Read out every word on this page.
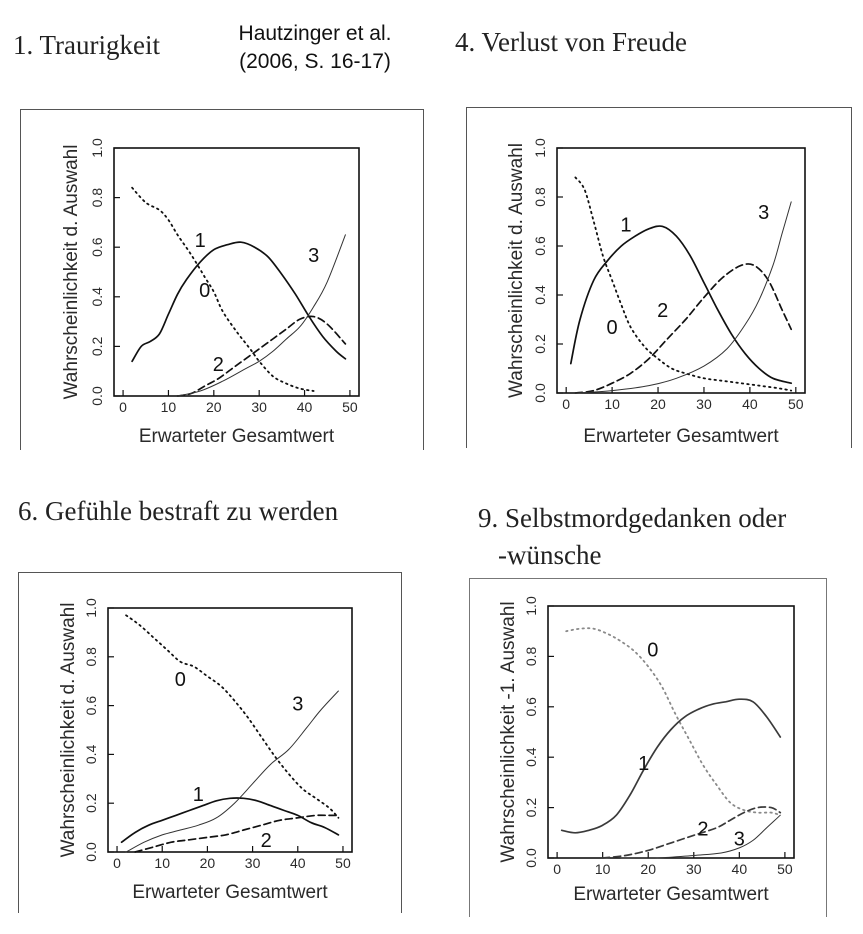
1. Traurigkeit	Hautzinger et al.
(2006, S. 16-17)
4. Verlust von Freude
6. Gefühle bestraft zu werden	9. Selbstmordgedanken oder
-wünsche
0 10 20 30 40 50
0.0
0.2
0.4
0.6
0.8
1.0
Erwarteter Gesamtwert
Wahrscheinlichkeit d. Auswahl	0
1
2
3
0 10 20 30 40 50
0.0
0.2
0.4
0.6
0.8
1.0
Erwarteter Gesamtwert
Wahrscheinlichkeit d. Auswahl	0
1
2
3
0 10 20 30 40 50
0.0
0.2
0.4
0.6
0.8
1.0
Erwarteter Gesamtwert
Wahrscheinlichkeit d. Auswahl	0
1
2
3
0 10 20 30 40 50
0.0
0.2
0.4
0.6
0.8
1.0
Erwarteter Gesamtwert
Wahrscheinlichkeit -1. Auswahl	0
1
2 3
